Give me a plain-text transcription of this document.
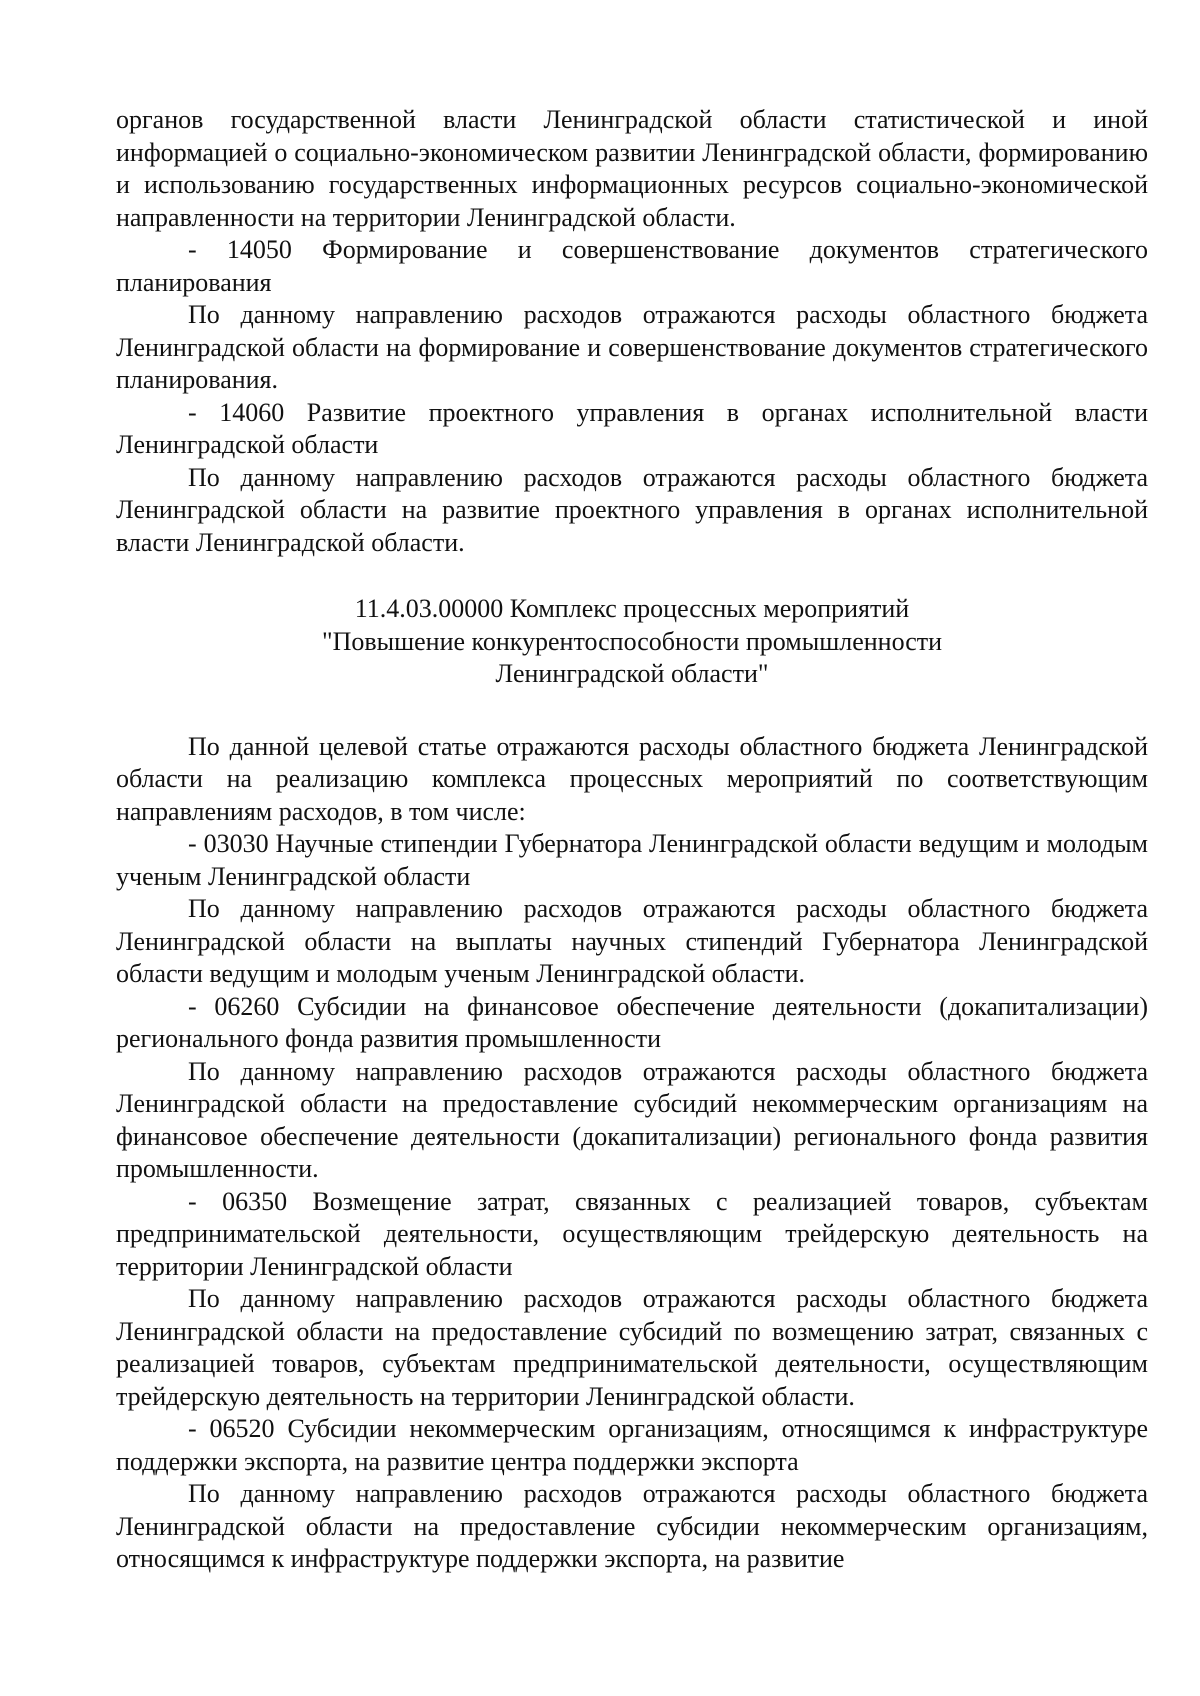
органов государственной власти Ленинградской области статистической и иной информацией о социально-экономическом развитии Ленинградской области, формированию и использованию государственных информационных ресурсов социально-экономической направленности на территории Ленинградской области.

- 14050 Формирование и совершенствование документов стратегического планирования

По данному направлению расходов отражаются расходы областного бюджета Ленинградской области на формирование и совершенствование документов стратегического планирования.

- 14060 Развитие проектного управления в органах исполнительной власти Ленинградской области

По данному направлению расходов отражаются расходы областного бюджета Ленинградской области на развитие проектного управления в органах исполнительной власти Ленинградской области.

11.4.03.00000 Комплекс процессных мероприятий
"Повышение конкурентоспособности промышленности
Ленинградской области"

По данной целевой статье отражаются расходы областного бюджета Ленинградской области на реализацию комплекса процессных мероприятий по соответствующим направлениям расходов, в том числе:

- 03030 Научные стипендии Губернатора Ленинградской области ведущим и молодым ученым Ленинградской области

По данному направлению расходов отражаются расходы областного бюджета Ленинградской области на выплаты научных стипендий Губернатора Ленинградской области ведущим и молодым ученым Ленинградской области.

- 06260 Субсидии на финансовое обеспечение деятельности (докапитализации) регионального фонда развития промышленности

По данному направлению расходов отражаются расходы областного бюджета Ленинградской области на предоставление субсидий некоммерческим организациям на финансовое обеспечение деятельности (докапитализации) регионального фонда развития промышленности.

- 06350 Возмещение затрат, связанных с реализацией товаров, субъектам предпринимательской деятельности, осуществляющим трейдерскую деятельность на территории Ленинградской области

По данному направлению расходов отражаются расходы областного бюджета Ленинградской области на предоставление субсидий по возмещению затрат, связанных с реализацией товаров, субъектам предпринимательской деятельности, осуществляющим трейдерскую деятельность на территории Ленинградской области.

- 06520 Субсидии некоммерческим организациям, относящимся к инфраструктуре поддержки экспорта, на развитие центра поддержки экспорта

По данному направлению расходов отражаются расходы областного бюджета Ленинградской области на предоставление субсидии некоммерческим организациям, относящимся к инфраструктуре поддержки экспорта, на развитие
